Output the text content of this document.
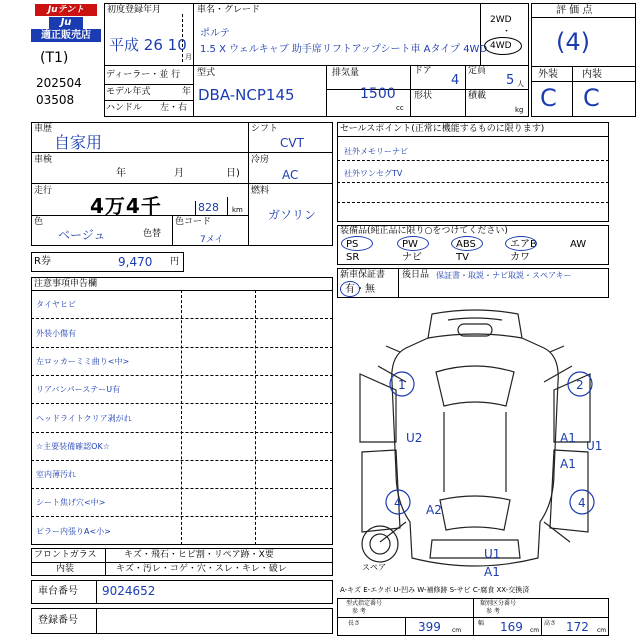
Juテント
Ju
適正販売店
(T1)
202504
03508
初度登録年月
平成 26 10
月
車名・グレード
ポルテ
1.5 X ウェルキャブ 助手席リフトアップシート車 Aタイプ 4WD
2WD
・
4WD
ディーラー・並 行
モデル年式	年
ハンドル 左・右
型式
DBA-NCP145
排気量
1500
cc
ドア
4
形状
定員
5 人
積載
kg
評 価 点
(4)
外装 内装
C C
車歴
自家用
車検
年	月	日)
走行
4万4千	828 km
色
ベージュ	色替
色コード
7メイ
シフト
CVT
冷房
AC
燃料
ガソリン
R券	9,470 円
注意事項申告欄
タイヤヒビ
外装小傷有
左ロッカーミミ曲り<中>
リアバンパーステーU有
ヘッドライトクリア剥がれ
☆主要装備確認OK☆
室内薄汚れ
シート焦げ穴<中>
ピラー内張りA<小>
フロントガラス	キズ・飛石・ヒビ割・リペア跡・X要
内装	キズ・汚レ・コゲ・穴・スレ・キレ・破レ
車台番号 9024652
登録番号
セールスポイント(正常に機能するものに限ります)
社外メモリーナビ
社外ワンセグTV
装備品(純正品に限り○をつけてください)
PS	PW	ABS	エアB	AW
SR	ナビ	TV	カワ
新車保証書
有・無
後日品 保証書・取説・ナビ取説・スペアキー
1	2
U2	A1
U1
A1
4 A2	4
U1
A1
スペア
A-キズ E-エクボ U-凹み W-補修跡 S-サビ C-腐食 XX-交換済
型式指定番号
参 考
類別区分番号
参 考
長さ	399 cm
幅 169 cm
高さ 172 cm
